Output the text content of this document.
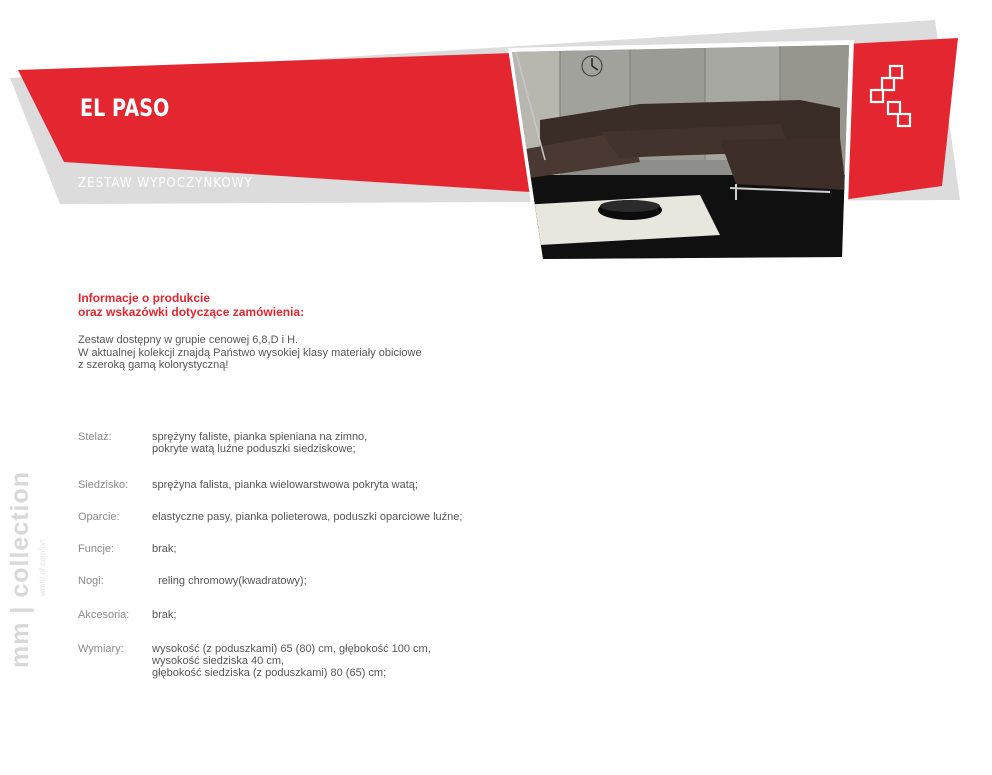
EL PASO
ZESTAW WYPOCZYNKOWY
Informacje o produkcie
oraz wskazówki dotyczące zamówienia:
Zestaw dostępny w grupie cenowej 6,8,D i H.
W aktualnej kolekcji znajdą Państwo wysokiej klasy materiały obiciowe
z szeroką gamą kolorystyczną!
Stelaż:	sprężyny faliste, pianka spieniana na zimno,
pokryte watą luźne poduszki siedziskowe;
Siedzisko: sprężyna falista, pianka wielowarstwowa pokryta watą;
Oparcie:	elastyczne pasy, pianka polieterowa, poduszki oparciowe luźne;
Funcje:	brak;
Nogi:	reling chromowy(kwadratowy);
Akcesoria: brak;
Wymiary:	wysokość (z poduszkami) 65 (80) cm, głębokość 100 cm,
wysokość siedziska 40 cm,
głębokość siedziska (z poduszkami) 80 (65) cm;
mm | collection world of comfort
